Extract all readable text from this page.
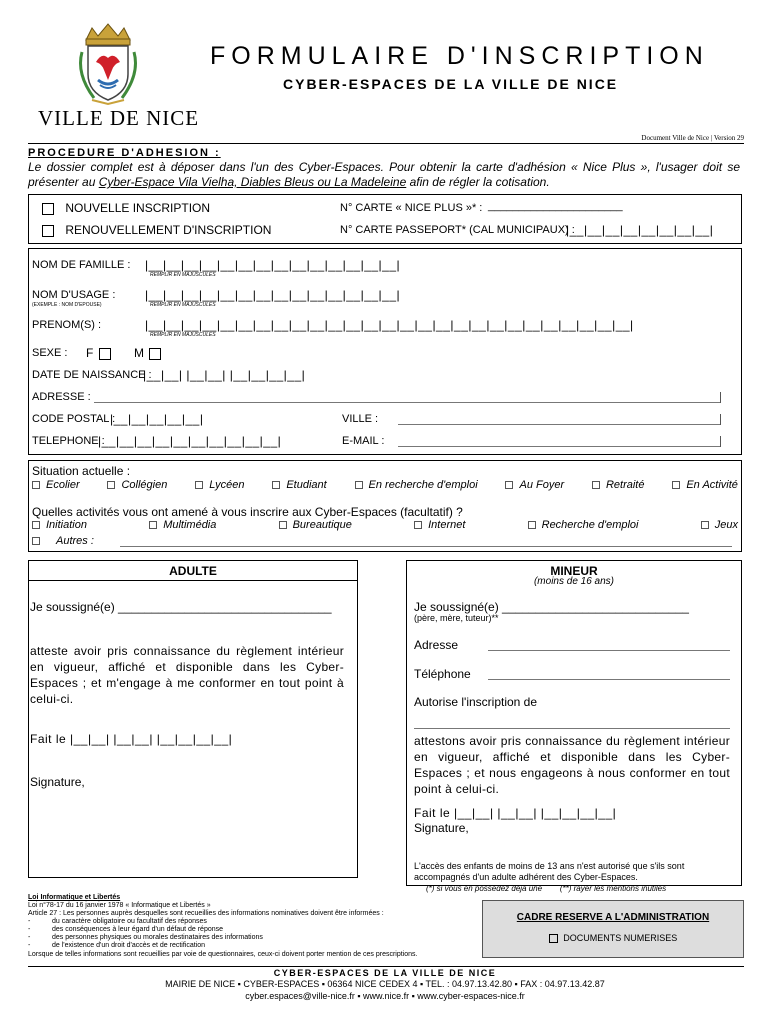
FORMULAIRE D'INSCRIPTION
CYBER-ESPACES DE LA VILLE DE NICE
VILLE DE NICE
Document Ville de Nice | Version 29
PROCEDURE D'ADHESION :
Le dossier complet est à déposer dans l'un des Cyber-Espaces. Pour obtenir la carte d'adhésion « Nice Plus », l'usager doit se présenter au Cyber-Espace Vila Vielha, Diables Bleus ou La Madeleine afin de régler la cotisation.
NOUVELLE INSCRIPTION
RENOUVELLEMENT D'INSCRIPTION
N° CARTE « NICE PLUS »* : ______________________
N° CARTE PASSEPORT* (CAL MUNICIPAUX) :
|__|__|__|__|__|__|__|__|
NOM DE FAMILLE : |__|__|__|__|__|__|__|__|__|__|__|__|__|__|
REMPLIR EN MAJUSCULES
NOM D'USAGE :
(EXEMPLE : NOM D'EPOUSE)
|__|__|__|__|__|__|__|__|__|__|__|__|__|__|
REMPLIR EN MAJUSCULES
PRENOM(S) :	|__|__|__|__|__|__|__|__|__|__|__|__|__|__|__|__|__|__|__|__|__|__|__|__|__|__|__|
REMPLIR EN MAJUSCULES
SEXE : F	M
DATE DE NAISSANCE :
|__|__| |__|__| |__|__|__|__|
ADRESSE :
CODE POSTAL :
|__|__|__|__|__|	VILLE :
TELEPHONE :
|__|__|__|__|__|__|__|__|__|__|	E-MAIL :
Situation actuelle :
Ecolier	Collégien	Lycéen	Etudiant	En recherche d'emploi	Au Foyer	Retraité	En Activité
Quelles activités vous ont amené à vous inscrire aux Cyber-Espaces (facultatif) ?
Initiation	Multimédia	Bureautique	Internet	Recherche d'emploi	Jeux
Autres :
ADULTE
Je soussigné(e) ________________________________
atteste avoir pris connaissance du règlement intérieur en vigueur, affiché et disponible dans les Cyber-Espaces ; et m'engage à me conformer en tout point à celui-ci.
Fait le |__|__| |__|__| |__|__|__|__|
Signature,
MINEUR
(moins de 16 ans)
Je soussigné(e) ____________________________
(père, mère, tuteur)**
Adresse
Téléphone
Autorise l'inscription de
attestons avoir pris connaissance du règlement intérieur en vigueur, affiché et disponible dans les Cyber-Espaces ; et nous engageons à nous conformer en tout point à celui-ci.
Fait le |__|__| |__|__| |__|__|__|__|
Signature,
L'accès des enfants de moins de 13 ans n'est autorisé que s'ils sont accompagnés d'un adulte adhérent des Cyber-Espaces.
(*) si vous en possédez déjà une        (**) rayer les mentions inutiles
Loi Informatique et Libertés
Loi n°78-17 du 16 janvier 1978 « Informatique et Libertés »
Article 27 : Les personnes auprès desquelles sont recueillies des informations nominatives doivent être informées :
-	du caractère obligatoire ou facultatif des réponses
-	des conséquences à leur égard d'un défaut de réponse
-	des personnes physiques ou morales destinataires des informations
-	de l'existence d'un droit d'accès et de rectification
Lorsque de telles informations sont recueillies par voie de questionnaires, ceux-ci doivent porter mention de ces prescriptions.
CADRE RESERVE A L'ADMINISTRATION
DOCUMENTS NUMERISES
CYBER-ESPACES DE LA VILLE DE NICE
MAIRIE DE NICE ▪ CYBER-ESPACES ▪ 06364 NICE CEDEX 4 ▪ TEL. : 04.97.13.42.80 ▪ FAX : 04.97.13.42.87
cyber.espaces@ville-nice.fr ▪ www.nice.fr ▪ www.cyber-espaces-nice.fr
